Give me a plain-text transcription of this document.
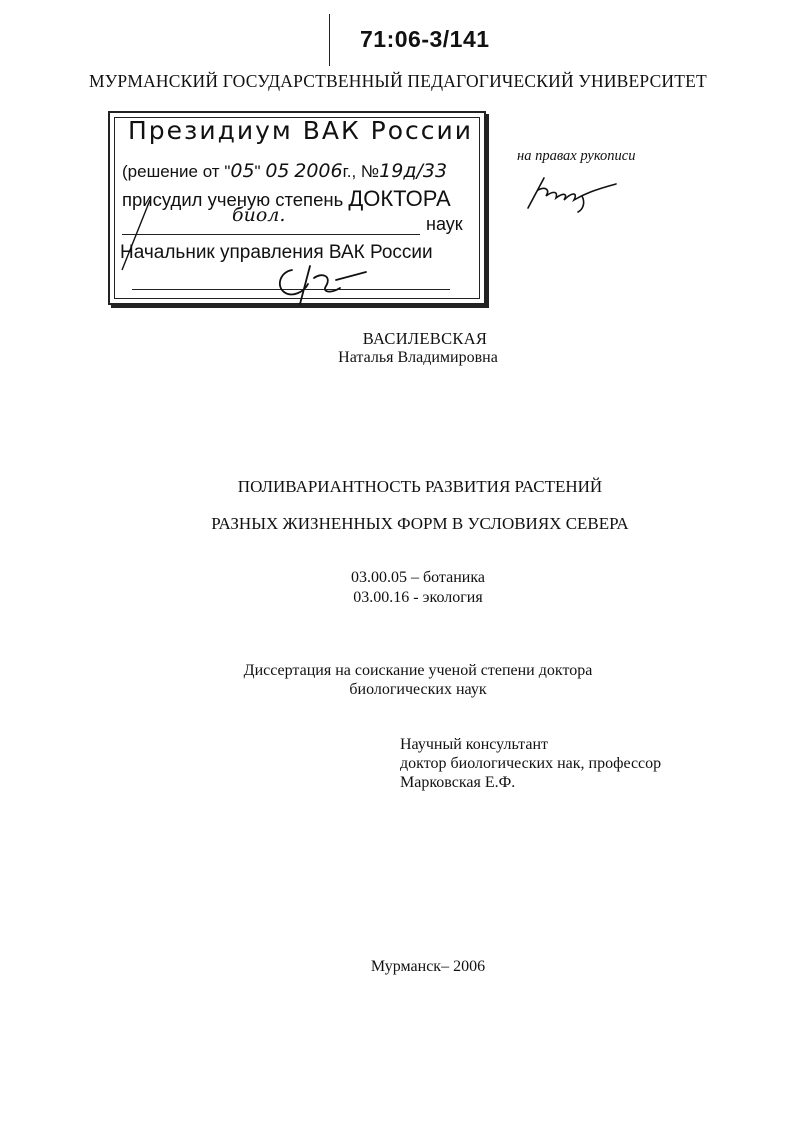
71:06-3/141
МУРМАНСКИЙ ГОСУДАРСТВЕННЫЙ ПЕДАГОГИЧЕСКИЙ УНИВЕРСИТЕТ
Президиум ВАК России
(решение от "05" 05 2006г., №19д/33
присудил ученую степень ДОКТОРА
биол.	наук
Начальник управления ВАК России
на правах рукописи
ВАСИЛЕВСКАЯ
Наталья Владимировна
ПОЛИВАРИАНТНОСТЬ РАЗВИТИЯ РАСТЕНИЙ
РАЗНЫХ ЖИЗНЕННЫХ ФОРМ В УСЛОВИЯХ СЕВЕРА
03.00.05 – ботаника
03.00.16 - экология
Диссертация на соискание ученой степени доктора
биологических наук
Научный консультант
доктор биологических нак, профессор
Марковская Е.Ф.
Мурманск– 2006
